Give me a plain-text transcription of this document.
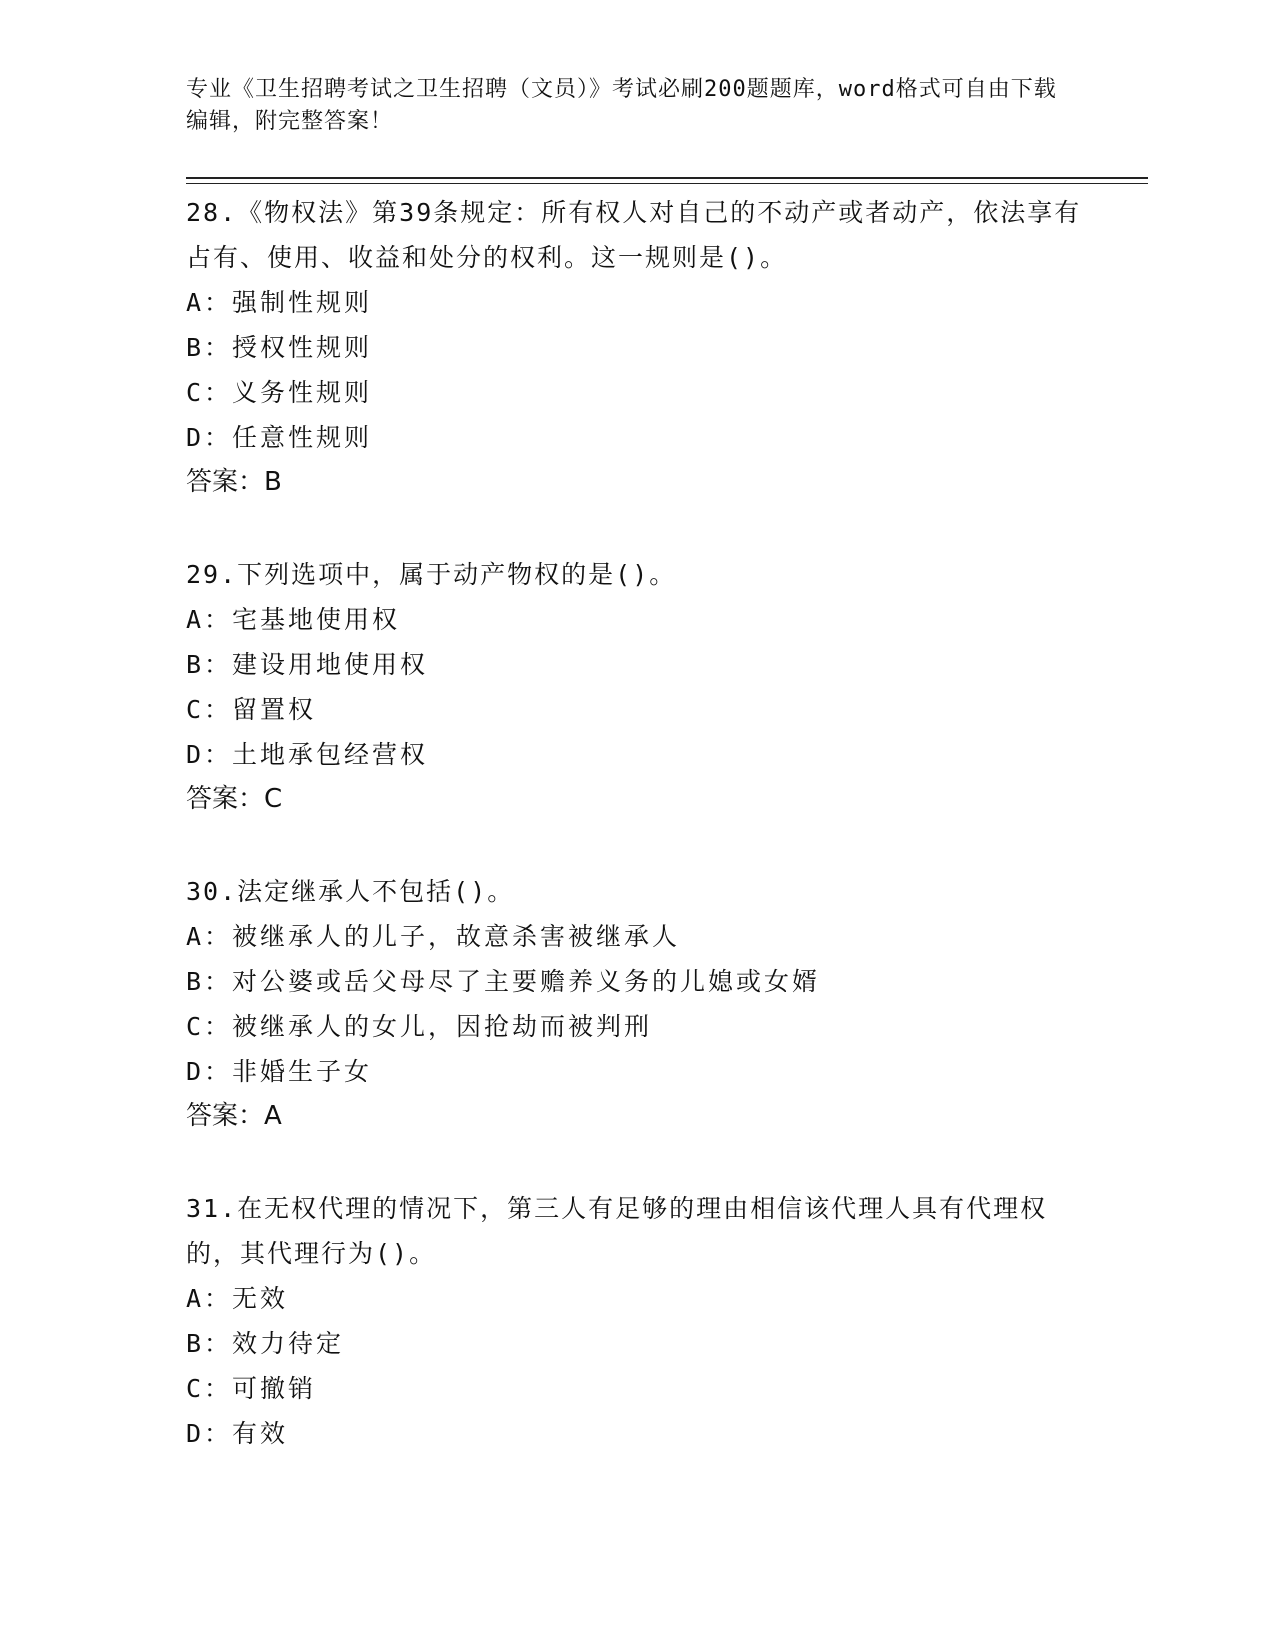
专业《卫生招聘考试之卫生招聘（文员）》考试必刷200题题库，word格式可自由下载编辑，附完整答案！
28.《物权法》第39条规定：所有权人对自己的不动产或者动产，依法享有占有、使用、收益和处分的权利。这一规则是()。
A：强制性规则
B：授权性规则
C：义务性规则
D：任意性规则
答案：B
29.下列选项中，属于动产物权的是()。
A：宅基地使用权
B：建设用地使用权
C：留置权
D：土地承包经营权
答案：C
30.法定继承人不包括()。
A：被继承人的儿子，故意杀害被继承人
B：对公婆或岳父母尽了主要赡养义务的儿媳或女婿
C：被继承人的女儿，因抢劫而被判刑
D：非婚生子女
答案：A
31.在无权代理的情况下，第三人有足够的理由相信该代理人具有代理权的，其代理行为()。
A：无效
B：效力待定
C：可撤销
D：有效
